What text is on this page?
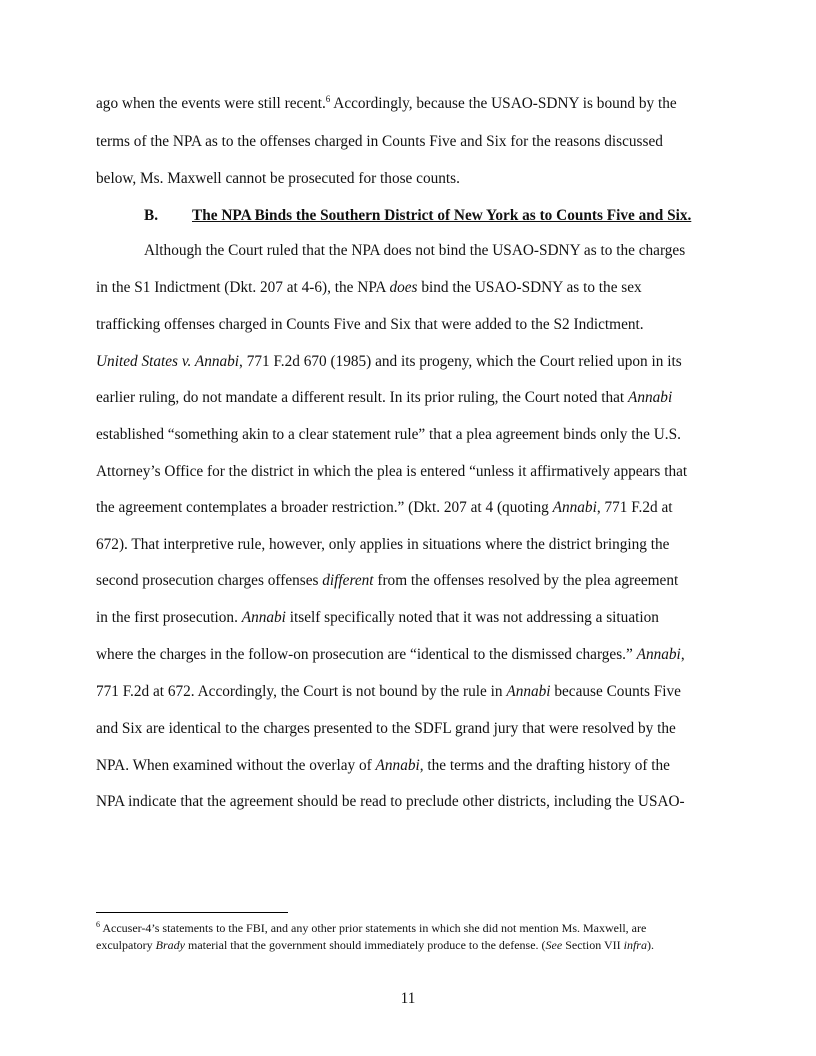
ago when the events were still recent.$^6$ Accordingly, because the USAO-SDNY is bound by the
terms of the NPA as to the offenses charged in Counts Five and Six for the reasons discussed
below, Ms. Maxwell cannot be prosecuted for those counts.
B. The NPA Binds the Southern District of New York as to Counts Five and Six.
Although the Court ruled that the NPA does not bind the USAO-SDNY as to the charges
in the S1 Indictment (Dkt. 207 at 4-6), the NPA does bind the USAO-SDNY as to the sex
trafficking offenses charged in Counts Five and Six that were added to the S2 Indictment.
United States v. Annabi, 771 F.2d 670 (1985) and its progeny, which the Court relied upon in its
earlier ruling, do not mandate a different result. In its prior ruling, the Court noted that Annabi
established “something akin to a clear statement rule” that a plea agreement binds only the U.S.
Attorney’s Office for the district in which the plea is entered “unless it affirmatively appears that
the agreement contemplates a broader restriction.” (Dkt. 207 at 4 (quoting Annabi, 771 F.2d at
672). That interpretive rule, however, only applies in situations where the district bringing the
second prosecution charges offenses different from the offenses resolved by the plea agreement
in the first prosecution. Annabi itself specifically noted that it was not addressing a situation
where the charges in the follow-on prosecution are “identical to the dismissed charges.” Annabi,
771 F.2d at 672. Accordingly, the Court is not bound by the rule in Annabi because Counts Five
and Six are identical to the charges presented to the SDFL grand jury that were resolved by the
NPA. When examined without the overlay of Annabi, the terms and the drafting history of the
NPA indicate that the agreement should be read to preclude other districts, including the USAO-
$^6$ Accuser-4’s statements to the FBI, and any other prior statements in which she did not mention Ms. Maxwell, are
exculpatory Brady material that the government should immediately produce to the defense. (See Section VII infra).
11
